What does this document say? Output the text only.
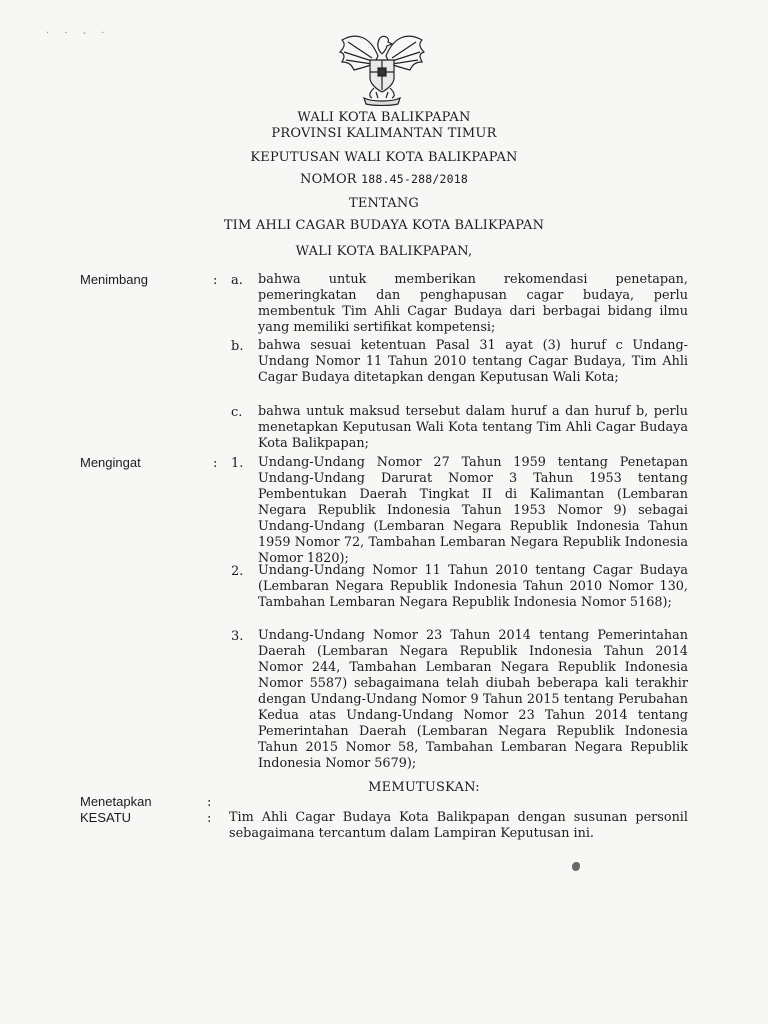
· · - ·
WALI KOTA BALIKPAPAN
PROVINSI KALIMANTAN TIMUR
KEPUTUSAN WALI KOTA BALIKPAPAN
NOMOR 188.45-288/2018
TENTANG
TIM AHLI CAGAR BUDAYA KOTA BALIKPAPAN
WALI KOTA BALIKPAPAN,
Menimbang	: a. bahwa untuk memberikan rekomendasi penetapan, pemeringkatan dan penghapusan cagar budaya, perlu membentuk Tim Ahli Cagar Budaya dari berbagai bidang ilmu yang memiliki sertifikat kompetensi;
b. bahwa sesuai ketentuan Pasal 31 ayat (3) huruf c Undang-Undang Nomor 11 Tahun 2010 tentang Cagar Budaya, Tim Ahli Cagar Budaya ditetapkan dengan Keputusan Wali Kota;
c. bahwa untuk maksud tersebut dalam huruf a dan huruf b, perlu menetapkan Keputusan Wali Kota tentang Tim Ahli Cagar Budaya Kota Balikpapan;
Mengingat	: 1. Undang-Undang Nomor 27 Tahun 1959 tentang Penetapan Undang-Undang Darurat Nomor 3 Tahun 1953 tentang Pembentukan Daerah Tingkat II di Kalimantan (Lembaran Negara Republik Indonesia Tahun 1953 Nomor 9) sebagai Undang-Undang (Lembaran Negara Republik Indonesia Tahun 1959 Nomor 72, Tambahan Lembaran Negara Republik Indonesia Nomor 1820);
2. Undang-Undang Nomor 11 Tahun 2010 tentang Cagar Budaya (Lembaran Negara Republik Indonesia Tahun 2010 Nomor 130, Tambahan Lembaran Negara Republik Indonesia Nomor 5168);
3. Undang-Undang Nomor 23 Tahun 2014 tentang Pemerintahan Daerah (Lembaran Negara Republik Indonesia Tahun 2014 Nomor 244, Tambahan Lembaran Negara Republik Indonesia Nomor 5587) sebagaimana telah diubah beberapa kali terakhir dengan Undang-Undang Nomor 9 Tahun 2015 tentang Perubahan Kedua atas Undang-Undang Nomor 23 Tahun 2014 tentang Pemerintahan Daerah (Lembaran Negara Republik Indonesia Tahun 2015 Nomor 58, Tambahan Lembaran Negara Republik Indonesia Nomor 5679);
MEMUTUSKAN:
Menetapkan	:
KESATU	: Tim Ahli Cagar Budaya Kota Balikpapan dengan susunan personil sebagaimana tercantum dalam Lampiran Keputusan ini.
